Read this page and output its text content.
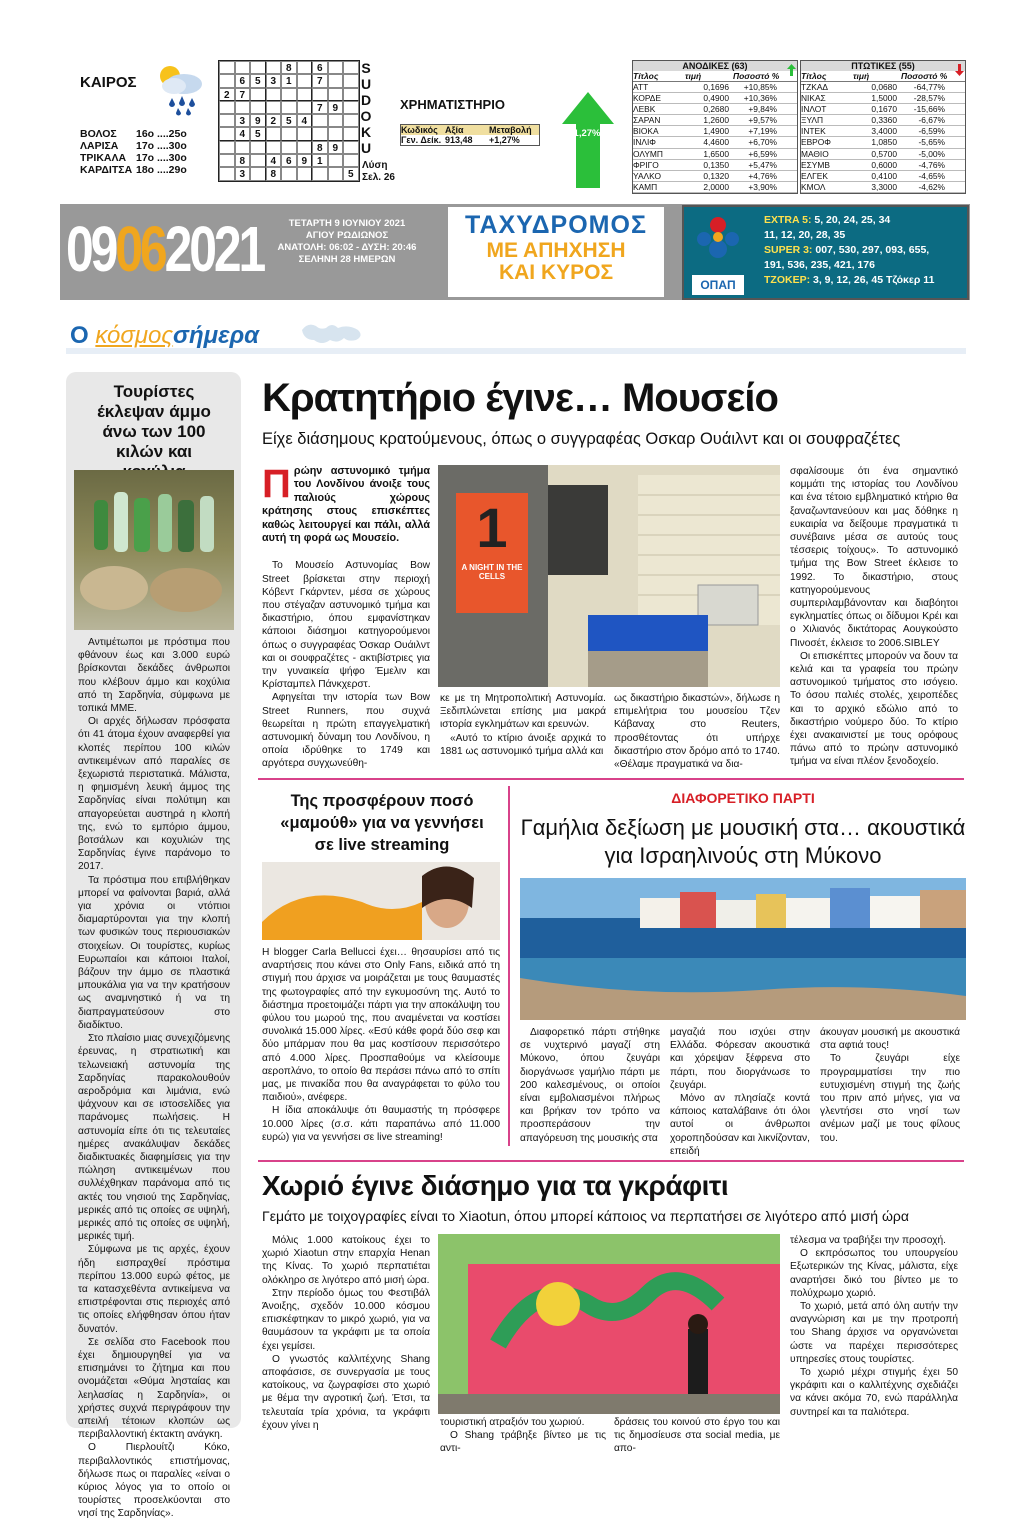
ΚΑΙΡΟΣ
ΒΟΛΟΣ	16ο ....25ο
ΛΑΡΙΣΑ	17ο ....30ο
ΤΡΙΚΑΛΑ 17ο ....30ο
ΚΑΡΔΙΤΣΑ 18ο ....29ο
8	6
6 5 3 1	7
2 7
7 9
3 9 2 5 4
4 5
8 9
8	4 6 9 1
3	8	5
S
U
D
O
K
U
Λύση
Σελ. 26
ΧΡΗΜΑΤΙΣΤΗΡΙΟ
Κωδικός Αξία	Μεταβολή
Γεν. Δείκ. 913,48	+1,27%
+1,27%
ΑΝΟΔΙΚΕΣ (63)
Τίτλος	τιμή	Ποσοστό %
ΑΤΤ	0,1696	+10,85%
ΚΟΡΔΕ	0,4900	+10,36%
ΛΕΒΚ	0,2680	+9,84%
ΣΑΡΑΝ	1,2600	+9,57%
ΒΙΟΚΑ	1,4900	+7,19%
ΙΝΛΙΦ	4,4600	+6,70%
ΟΛΥΜΠ	1,6500	+6,59%
ΦΡΙΓΟ	0,1350	+5,47%
ΥΑΛΚΟ	0,1320	+4,76%
ΚΑΜΠ	2,0000	+3,90%
ΠΤΩΤΙΚΕΣ (55)
Τίτλος	τιμή	Ποσοστό %
ΤΖΚΑΔ	0,0680	-64,77%
ΝΙΚΑΣ	1,5000	-28,57%
ΙΝΛΟΤ	0,1670	-15,66%
ΞΥΛΠ	0,3360	-6,67%
ΙΝΤΕΚ	3,4000	-6,59%
ΕΒΡΟΦ	1,0850	-5,65%
ΜΑΘΙΟ	0,5700	-5,00%
ΕΣΥΜΒ	0,6000	-4,76%
ΕΛΓΕΚ	0,4100	-4,65%
ΚΜΟΛ	3,3000	-4,62%
09062021	ΤΕΤΑΡΤΗ 9 ΙΟΥΝΙΟΥ 2021
ΑΓΙΟΥ ΡΩΔΙΩΝΟΣ
ΑΝΑΤΟΛΗ: 06:02 - ΔΥΣΗ: 20:46
ΣΕΛΗΝΗ 28 ΗΜΕΡΩΝ
ΤΑΧΥΔΡΟΜΟΣ
ΜΕ ΑΠΗΧΗΣΗ
ΚΑΙ ΚΥΡΟΣ
ΟΠΑΠ
EXTRA 5: 5, 20, 24, 25, 34
11, 12, 20, 28, 35
SUPER 3: 007, 530, 297, 093, 655,
191, 536, 235, 421, 176
ΤΖΟΚΕΡ: 3, 9, 12, 26, 45 Τζόκερ 11
Ο κόσμοςσήμερα
Τουρίστες έκλεψαν άμμο άνω των 100 κιλών και

Αντιμέτωποι με πρόστιμα που φθάνουν έως και 3.000 ευρώ βρίσκονται δεκάδες άνθρωποι που κλέβουν άμμο και κοχύλια από τη Σαρδηνία, σύμφωνα με τοπικά ΜΜΕ.

Οι αρχές δήλωσαν πρόσφατα ότι 41 άτομα έχουν αναφερθεί για κλοπές περίπου 100 κιλών αντικειμένων από παραλίες σε ξεχωριστά περιστατικά. Μάλιστα, η φημισμένη λευκή άμμος της Σαρδηνίας είναι πολύτιμη και απαγορεύεται αυστηρά η κλοπή της, ενώ το εμπόριο άμμου, βοτσάλων και κοχυλιών της Σαρδηνίας έγινε παράνομο το 2017.

Τα πρόστιμα που επιβλήθηκαν μπορεί να φαίνονται βαριά, αλλά για χρόνια οι ντόπιοι διαμαρτύρονται για την κλοπή των φυσικών τους περιουσιακών στοιχείων. Οι τουρίστες, κυρίως Ευρωπαίοι και κάποιοι Ιταλοί, βάζουν την άμμο σε πλαστικά μπουκάλια για να την κρατήσουν ως αναμνηστικό ή να τη διαπραγματεύσουν στο διαδίκτυο.

Στο πλαίσιο μιας συνεχιζόμενης έρευνας, η στρατιωτική και τελωνειακή αστυνομία της Σαρδηνίας παρακολουθούν αεροδρόμια και λιμάνια, ενώ ψάχνουν και σε ιστοσελίδες για παράνομες πωλήσεις. Η αστυνομία είπε ότι τις τελευταίες ημέρες ανακάλυψαν δεκάδες διαδικτυακές διαφημίσεις για την πώληση αντικειμένων που συλλέχθηκαν παράνομα από τις ακτές του νησιού της Σαρδηνίας, μερικές από τις οποίες σε υψηλή, μερικές από τις οποίες σε υψηλή, μερικές τιμή.

Σύμφωνα με τις αρχές, έχουν ήδη εισπραχθεί πρόστιμα περίπου 13.000 ευρώ φέτος, με τα κατασχεθέντα αντικείμενα να επιστρέφονται στις περιοχές από τις οποίες ελήφθησαν όπου ήταν δυνατόν.

Σε σελίδα στο Facebook που έχει δημιουργηθεί για να επισημάνει το ζήτημα και που ονομάζεται «Θύμα λησταίας και λεηλασίας η Σαρδηνία», οι χρήστες συχνά περιγράφουν την απειλή τέτοιων κλοπών ως περιβαλλοντική έκτακτη ανάγκη.

Ο Πιερλουίτζι Κόκο, περιβαλλοντικός επιστήμονας, δήλωσε πως οι παραλίες «είναι ο κύριος λόγος για το οποίο οι τουρίστες προσελκύονται στο νησί της Σαρδηνίας».

Κρατητήριο έγινε… Μουσείο
Είχε διάσημους κρατούμενους, όπως ο συγγραφέας Οσκαρ Ουάιλντ και οι σουφραζέτες
Πρώην αστυνομικό τμήμα του Λονδίνου άνοιξε τους παλιούς χώρους κράτησης στους επισκέπτες καθώς λειτουργεί και πάλι, αλλά αυτή τη φορά ως Μουσείο.

Το Μουσείο Αστυνομίας Bow Street βρίσκεται στην περιοχή Κόβεντ Γκάρντεν, μέσα σε χώρους που στέγαζαν αστυνομικό τμήμα και δικαστήριο, όπου εμφανίστηκαν κάποιοι διάσημοι κατηγορούμενοι όπως ο συγγραφέας Όσκαρ Ουάιλντ και οι σουφραζέτες - ακτιβίστριες για την γυναικεία ψήφο Έμελιν και Κρίσταμπελ Πάνκχερστ.

Αφηγείται την ιστορία των Bow Street Runners, που συχνά θεωρείται η πρώτη επαγγελματική αστυνομική δύναμη του Λονδίνου, η οποία ιδρύθηκε το 1749 και αργότερα συγχωνεύθη-

1
A NIGHT IN THE CELLS

κε με τη Μητροπολιτική Αστυνομία. Ξεδιπλώνεται επίσης μια μακρά ιστορία εγκλημάτων και ερευνών.

«Αυτό το κτίριο άνοιξε αρχικά το 1881 ως αστυνομικό τμήμα αλλά και

ως δικαστήριο δικαστών», δήλωσε η επιμελήτρια του μουσείου Τζεν Κάβαναχ στο Reuters, προσθέτοντας ότι υπήρχε δικαστήριο στον δρόμο από το 1740. «Θέλαμε πραγματικά να δια-

σφαλίσουμε ότι ένα σημαντικό κομμάτι της ιστορίας του Λονδίνου και ένα τέτοιο εμβληματικό κτήριο θα ξαναζωντανεύουν και μας δόθηκε η ευκαιρία να δείξουμε πραγματικά τι συνέβαινε μέσα σε αυτούς τους τέσσερις τοίχους». Το αστυνομικό τμήμα της Bow Street έκλεισε το 1992. Το δικαστήριο, στους κατηγορούμενους συμπεριλαμβάνονταν και διαβόητοι εγκληματίες όπως οι δίδυμοι Κρέι και ο Χιλιανός δικτάτορας Αουγκούστο Πινοσέτ, έκλεισε το 2006.SIBLEY

Οι επισκέπτες μπορούν να δουν τα κελιά και τα γραφεία του πρώην αστυνομικού τμήματος στο ισόγειο. Το όσου παλιές στολές, χειροπέδες και το αρχικό εδώλιο από το δικαστήριο νούμερο δύο. Το κτίριο έχει ανακαινιστεί με τους ορόφους πάνω από το πρώην αστυνομικό τμήμα να είναι πλέον ξενοδοχείο.

Της προσφέρουν ποσό «μαμούθ» για να γεννήσει σε live streaming

Η blogger Carla Bellucci έχει… θησαυρίσει από τις αναρτήσεις που κάνει στο Only Fans, ειδικά από τη στιγμή που άρχισε να μοιράζεται με τους θαυμαστές της φωτογραφίες από την εγκυμοσύνη της. Αυτό το διάστημα προετοιμάζει πάρτι για την αποκάλυψη του φύλου του μωρού της, που αναμένεται να κοστίσει συνολικά 15.000 λίρες. «Εσύ κάθε φορά δύο σεφ και δύο μπάρμαν που θα μας κοστίσουν περισσότερο από 4.000 λίρες. Προσπαθούμε να κλείσουμε αεροπλάνο, το οποίο θα περάσει πάνω από το σπίτι μας, με πινακίδα που θα αναγράφεται το φύλο του παιδιού», ανέφερε.

Η ίδια αποκάλυψε ότι θαυμαστής τη πρόσφερε 10.000 λίρες (σ.σ. κάτι παραπάνω από 11.000 ευρώ) για να γεννήσει σε live streaming!

ΔΙΑΦΟΡΕΤΙΚΟ ΠΑΡΤΙ
Γαμήλια δεξίωση με μουσική στα… ακουστικά για Ισραηλινούς στη Μύκονο

Διαφορετικό πάρτι στήθηκε σε νυχτερινό μαγαζί στη Μύκονο, όπου ζευγάρι διοργάνωσε γαμήλιο πάρτι με 200 καλεσμένους, οι οποίοι είναι εμβολιασμένοι πλήρως και βρήκαν τον τρόπο να προσπεράσουν την απαγόρευση της μουσικής στα

μαγαζιά που ισχύει στην Ελλάδα. Φόρεσαν ακουστικά και χόρεψαν ξέφρενα στο πάρτι, που διοργάνωσε το ζευγάρι.

Μόνο αν πλησίαζε κοντά κάποιος καταλάβαινε ότι όλοι αυτοί οι άνθρωποι χοροπηδούσαν και λικνίζονταν, επειδή

άκουγαν μουσική με ακουστικά στα αφτιά τους!

Το ζευγάρι είχε προγραμματίσει την πιο ευτυχισμένη στιγμή της ζωής του πριν από μήνες, για να γλεντήσει στο νησί των ανέμων μαζί με τους φίλους του.

Χωριό έγινε διάσημο για τα γκράφιτι
Γεμάτο με τοιχογραφίες είναι το Xiaotun, όπου μπορεί κάποιος να περπατήσει σε λιγότερο από μισή ώρα

Μόλις 1.000 κατοίκους έχει το χωριό Xiaotun στην επαρχία Henan της Κίνας. Το χωριό περπατιέται ολόκληρο σε λιγότερο από μισή ώρα.

Στην περίοδο όμως του Φεστιβάλ Άνοιξης, σχεδόν 10.000 κόσμου επισκέφτηκαν το μικρό χωριό, για να θαυμάσουν τα γκράφιτι με τα οποία έχει γεμίσει.

Ο γνωστός καλλιτέχνης Shang αποφάσισε, σε συνεργασία με τους κατοίκους, να ζωγραφίσει στο χωριό με θέμα την αγροτική ζωή. Έτσι, τα τελευταία τρία χρόνια, τα γκράφιτι έχουν γίνει η	τουριστική ατραξιόν του χωριού.

Ο Shang τράβηξε βίντεο με τις αντι-

δράσεις του κοινού στο έργο του και τις δημοσίευσε στα social media, με απο-

τέλεσμα να τραβήξει την προσοχή.

Ο εκπρόσωπος του υπουργείου Εξωτερικών της Κίνας, μάλιστα, είχε αναρτήσει δικό του βίντεο με το πολύχρωμο χωριό.

Το χωριό, μετά από όλη αυτήν την αναγνώριση και με την προτροπή του Shang άρχισε να οργανώνεται ώστε να παρέχει περισσότερες υπηρεσίες στους τουρίστες.

Το χωριό μέχρι στιγμής έχει 50 γκράφιτι και ο καλλιτέχνης σχεδιάζει να κάνει ακόμα 70, ενώ παράλληλα συντηρεί και τα παλιότερα.
